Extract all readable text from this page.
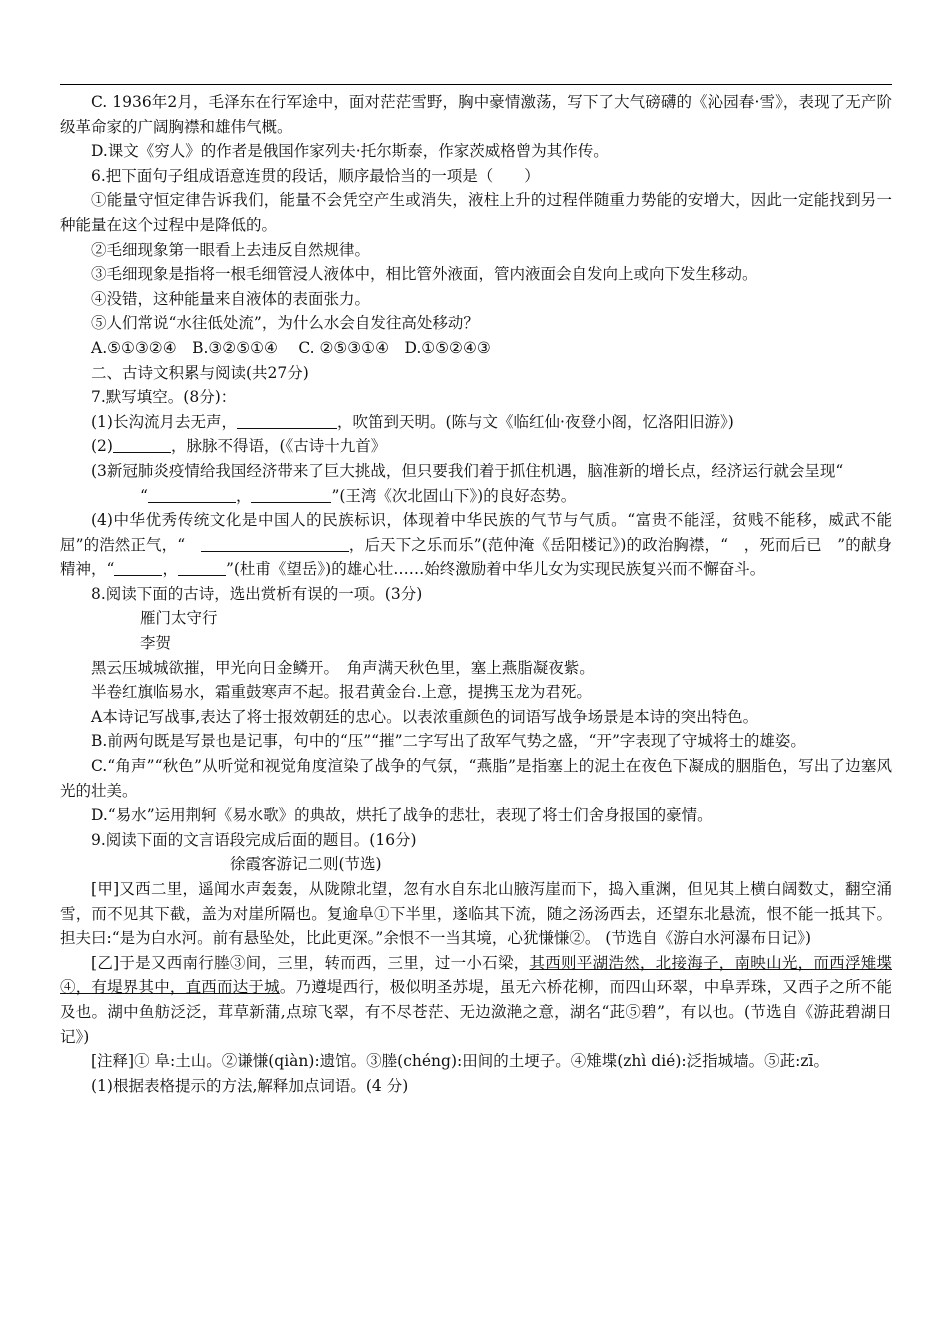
C. 1936年2月，毛泽东在行军途中，面对茫茫雪野，胸中豪情激荡，写下了大气磅礴的《沁园春·雪》，表现了无产阶级革命家的广阔胸襟和雄伟气概。

D.课文《穷人》的作者是俄国作家列夫·托尔斯泰，作家茨威格曾为其作传。

6.把下面句子组成语意连贯的段话，顺序最恰当的一项是（　　）

①能量守恒定律告诉我们，能量不会凭空产生或消失，液柱上升的过程伴随重力势能的安增大，因此一定能找到另一种能量在这个过程中是降低的。

②毛细现象第一眼看上去违反自然规律。

③毛细现象是指将一根毛细管浸人液体中，相比管外液面，管内液面会自发向上或向下发生移动。

④没错，这种能量来自液体的表面张力。

⑤人们常说“水往低处流”，为什么水会自发往高处移动？

A.⑤①③②④　B.③②⑤①④　 C. ②⑤③①④　D.①⑤②④③

二、古诗文积累与阅读(共27分)

7.默写填空。(8分)：

(1)长沟流月去无声，	，吹笛到天明。(陈与文《临红仙·夜登小阁，忆洛阳旧游》)

(2)	，脉脉不得语，(《古诗十九首》

(3新冠肺炎疫情给我国经济带来了巨大挑战，但只要我们着于抓住机遇，脑准新的增长点，经济运行就会呈现“

“	，	”(王湾《次北固山下》)的良好态势。

(4)中华优秀传统文化是中国人的民族标识，体现着中华民族的气节与气质。“富贵不能淫，贫贱不能移，威武不能屈”的浩然正气，“　	，后天下之乐而乐”(范仲淹《岳阳楼记》)的政治胸襟，“　，死而后已　”的献身精神，“	，	”(杜甫《望岳》)的雄心壮……始终激励着中华儿女为实现民族复兴而不懈奋斗。

8.阅读下面的古诗，选出赏析有误的一项。(3分)

雁门太守行

李贺

黑云压城城欲摧，甲光向日金鳞开。　角声满天秋色里，塞上燕脂凝夜紫。

半卷红旗临易水，霜重鼓寒声不起。报君黄金台.上意，提携玉龙为君死。

A本诗记写战事,表达了将士报效朝廷的忠心。以表浓重颜色的词语写战争场景是本诗的突出特色。

B.前两句既是写景也是记事，句中的“压”“摧”二字写出了敌军气势之盛，“开”字表现了守城将士的雄姿。

C.“角声”“秋色”从听觉和视觉角度渲染了战争的气氛，“燕脂”是指塞上的泥土在夜色下凝成的胭脂色，写出了边塞风光的壮美。

D.“易水”运用荆轲《易水歌》的典故，烘托了战争的悲壮，表现了将士们舍身报国的豪情。

9.阅读下面的文言语段完成后面的题目。(16分)

徐霞客游记二则(节选)

[甲]又西二里，遥闻水声轰轰，从陇隙北望，忽有水自东北山腋泻崖而下，捣入重渊，但见其上横白阔数丈，翻空涌雪，而不见其下截，盖为对崖所隔也。复逾阜①下半里，遂临其下流，随之汤汤西去，还望东北悬流，恨不能一抵其下。担夫曰:“是为白水河。前有悬坠处，比此更深。”余恨不一当其境，心犹慊慊②。 (节选自《游白水河瀑布日记》)

[乙]于是又西南行塍③间，三里，转而西，三里，过一小石梁，其西则平湖浩然，北接海子，南映山光，而西浮雉堞④，有堤界其中，直西而达于城。乃遵堤西行，极似明圣苏堤，虽无六桥花柳，而四山环翠，中阜弄珠，又西子之所不能及也。湖中鱼舫泛泛，茸草新蒲,点琼飞翠，有不尽苍茫、无边潋滟之意，湖名“茈⑤碧”，有以也。(节选自《游茈碧湖日记》)

[注释]① 阜:土山。②谦慊(qiàn):遗馆。③塍(chéng):田间的土埂子。④雉堞(zhì dié):泛指城墙。⑤茈:zī。

(1)根据表格提示的方法,解释加点词语。(4 分)
